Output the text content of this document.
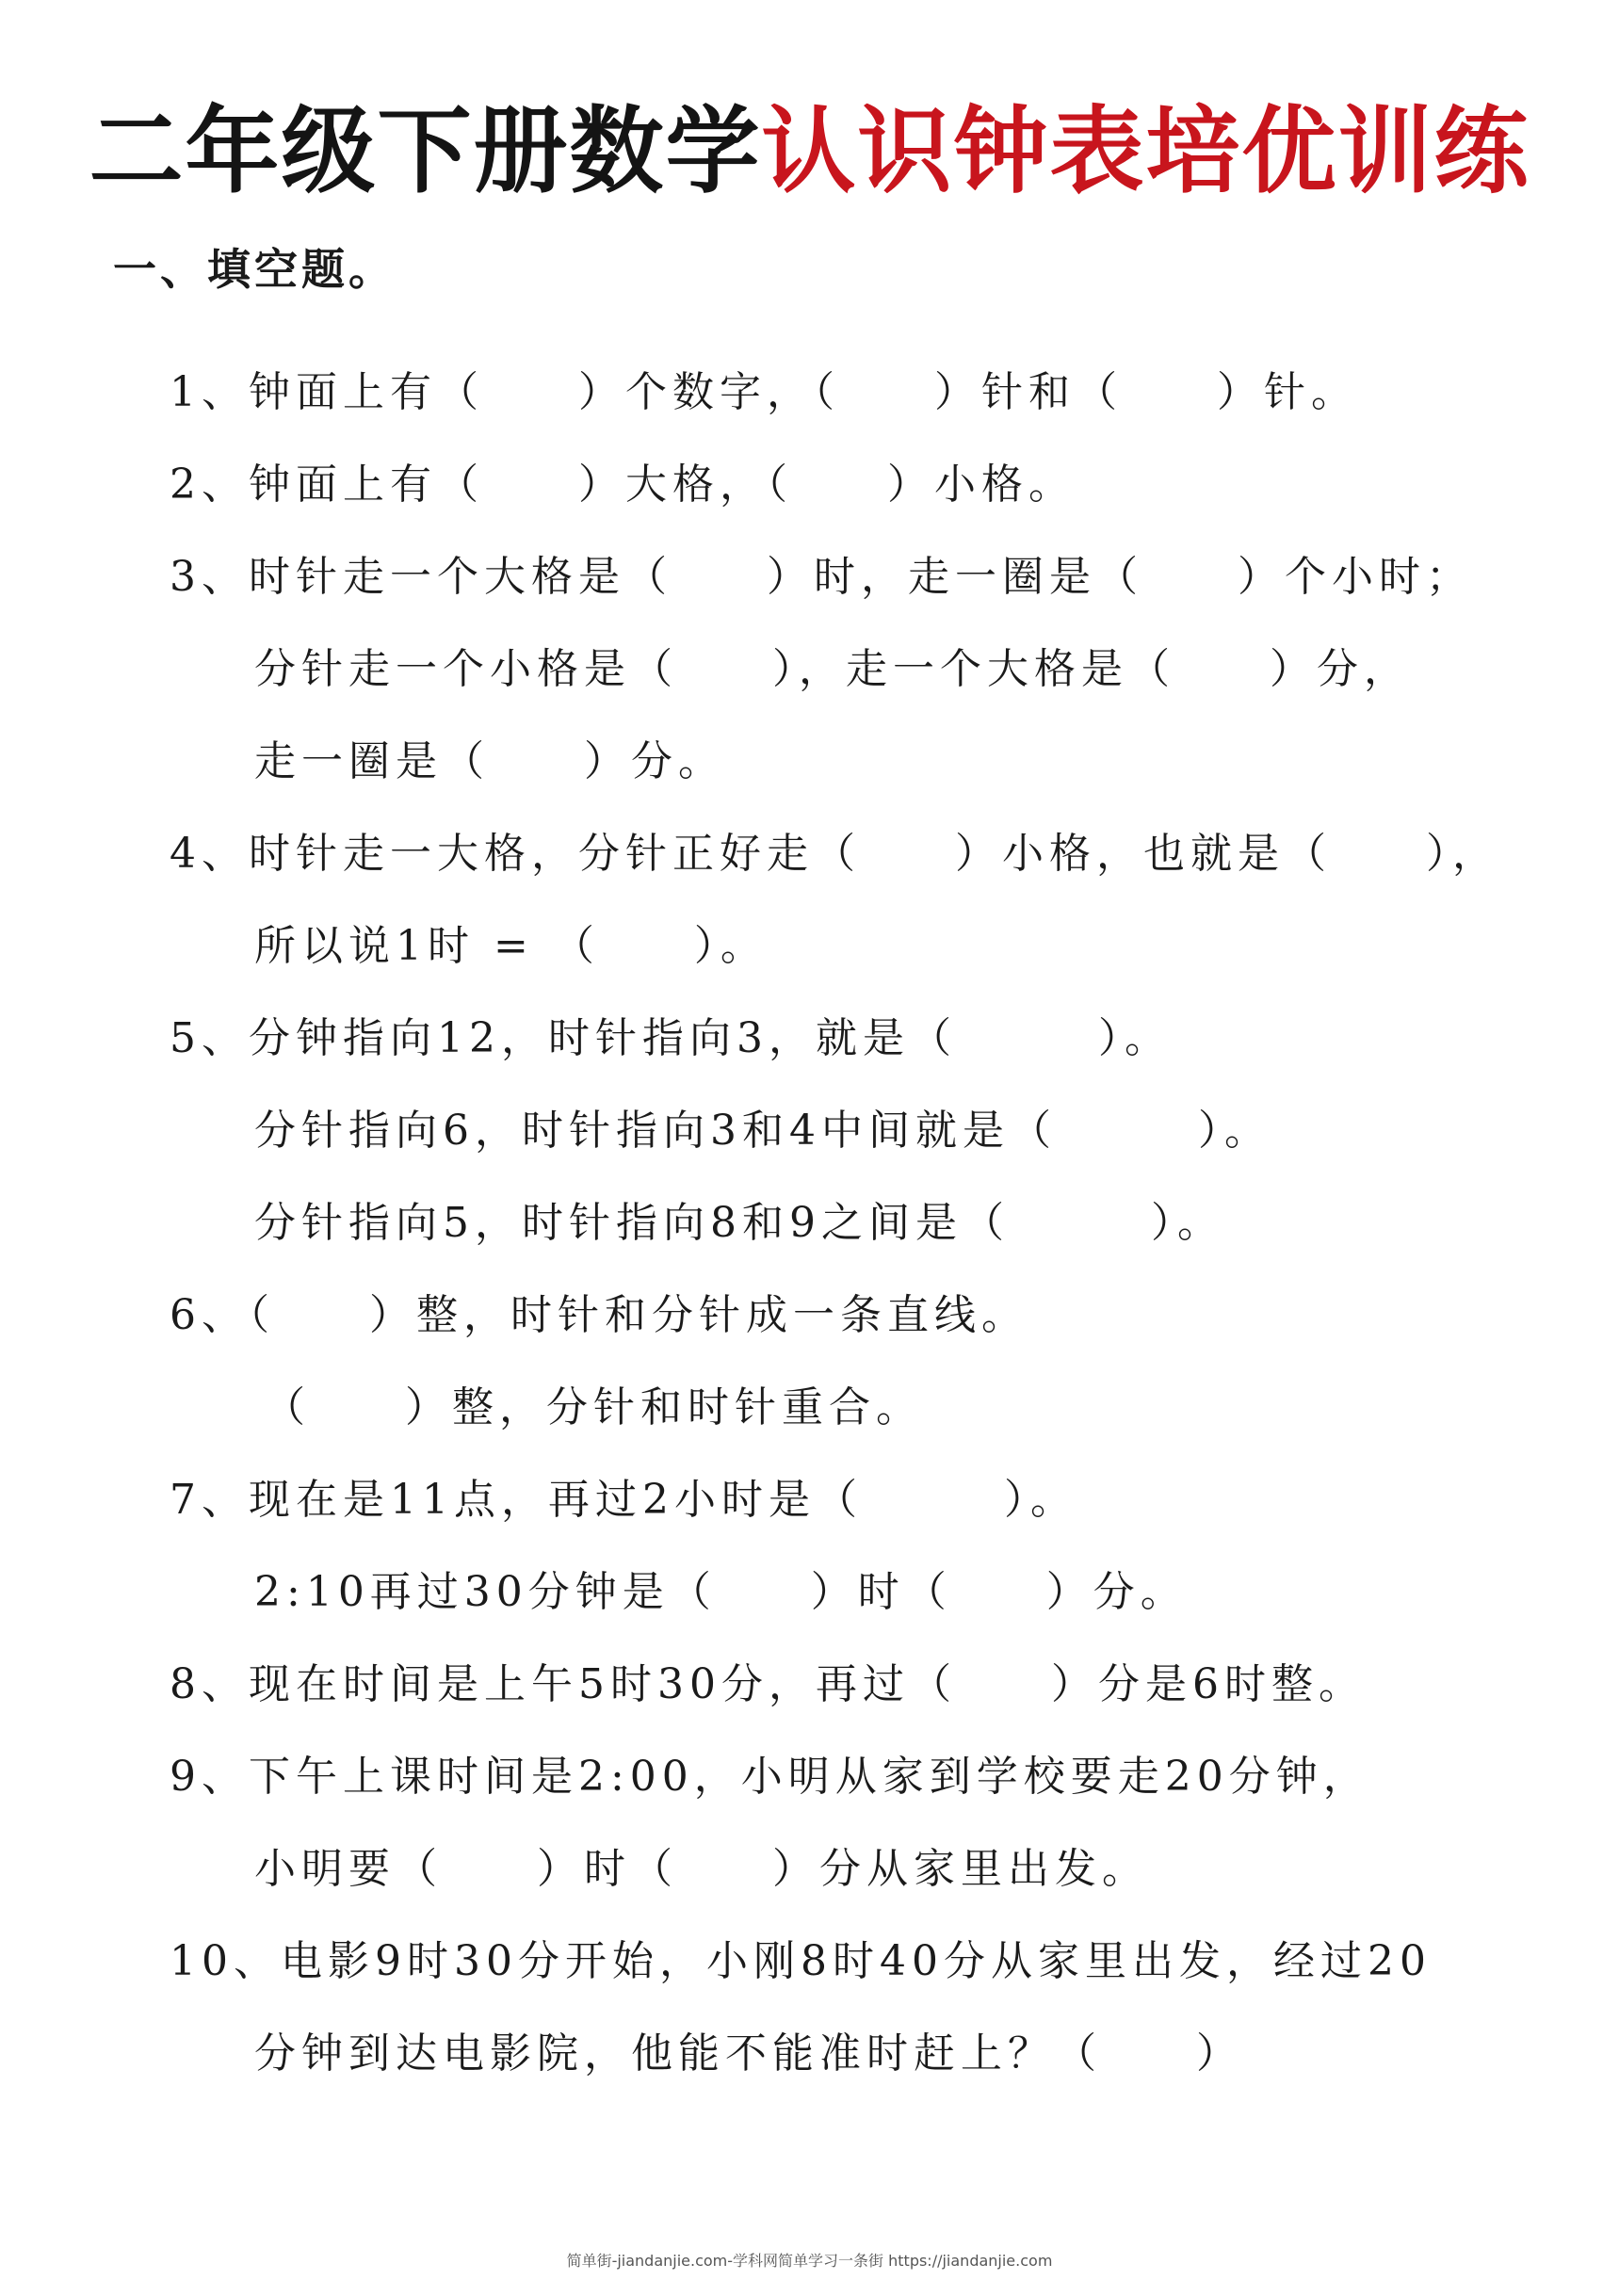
二年级下册数学认识钟表培优训练
一、填空题。
1、钟面上有（　　）个数字，（　　）针和（　　）针。
2、钟面上有（　　）大格，（　　）小格。
3、时针走一个大格是（　　）时，走一圈是（　　）个小时；
分针走一个小格是（　　），走一个大格是（　　）分，
走一圈是（　　）分。
4、时针走一大格，分针正好走（　　）小格，也就是（　　），
所以说1时 = （　　）。
5、分钟指向12，时针指向3，就是（　　　）。
分针指向6，时针指向3和4中间就是（　　　）。
分针指向5，时针指向8和9之间是（　　　）。
6、（　　）整，时针和分针成一条直线。
（　　）整，分针和时针重合。
7、现在是11点，再过2小时是（　　　）。
2:10再过30分钟是（　　）时（　　）分。
8、现在时间是上午5时30分，再过（　　）分是6时整。
9、下午上课时间是2:00，小明从家到学校要走20分钟，
小明要（　　）时（　　）分从家里出发。
10、电影9时30分开始，小刚8时40分从家里出发，经过20
分钟到达电影院，他能不能准时赶上？（　　）
简单街-jiandanjie.com-学科网简单学习一条街 https://jiandanjie.com
